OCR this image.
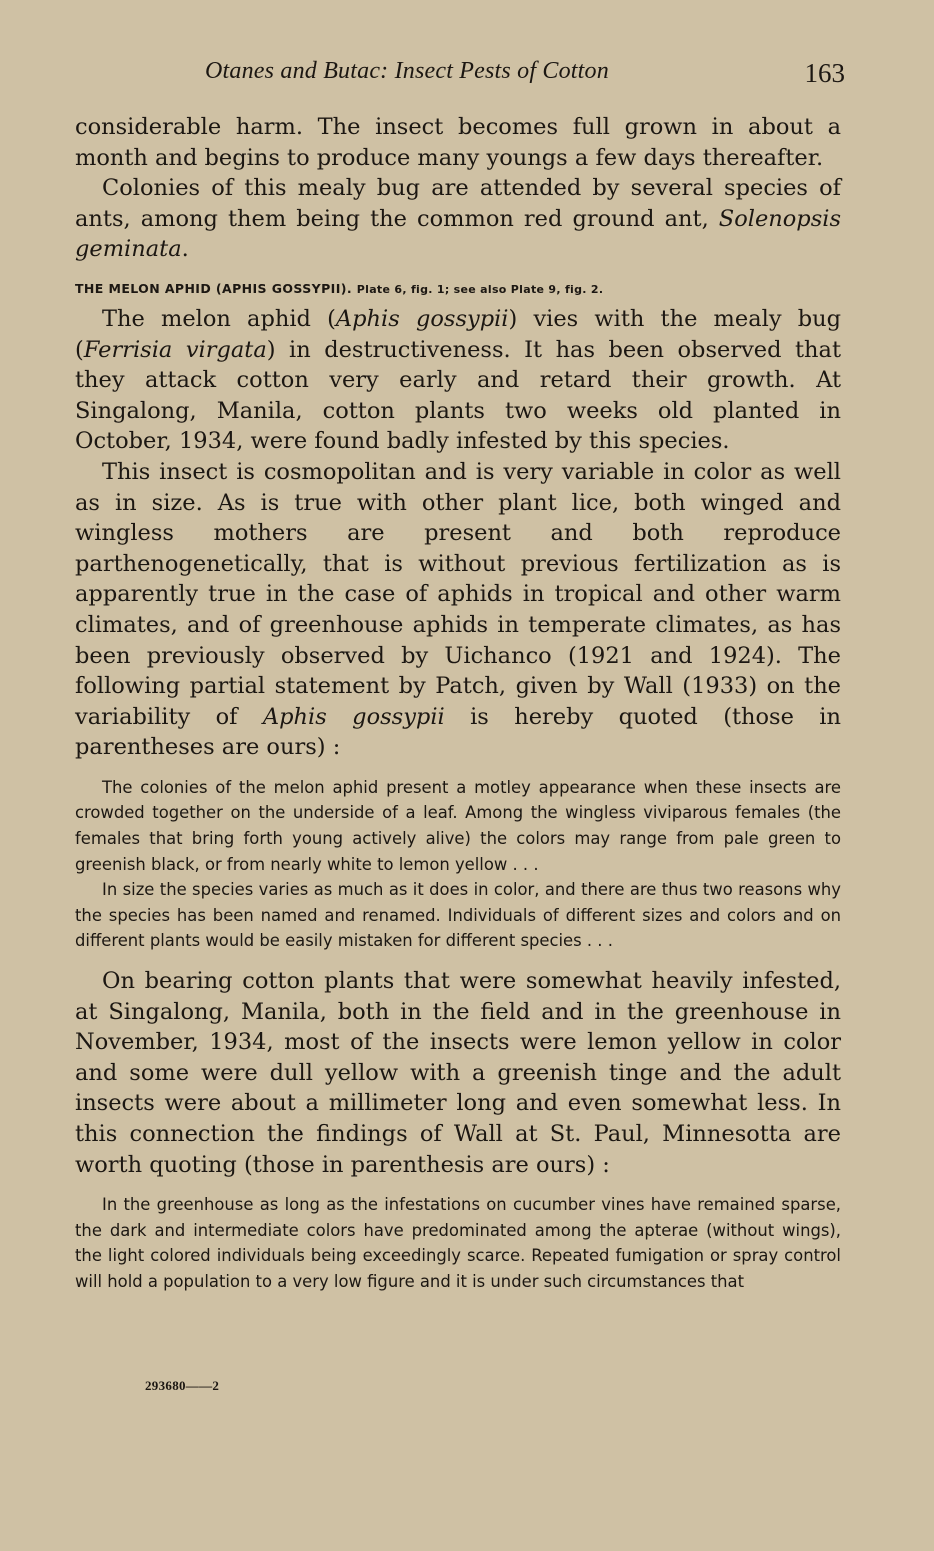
Otanes and Butac: Insect Pests of Cotton	163

considerable harm. The insect becomes full grown in about a month and begins to produce many youngs a few days thereafter.

Colonies of this mealy bug are attended by several species of ants, among them being the common red ground ant, Solenopsis geminata.

THE MELON APHID (APHIS GOSSYPII). Plate 6, fig. 1; see also Plate 9, fig. 2.

The melon aphid (Aphis gossypii) vies with the mealy bug (Ferrisia virgata) in destructiveness. It has been observed that they attack cotton very early and retard their growth. At Singalong, Manila, cotton plants two weeks old planted in October, 1934, were found badly infested by this species.

This insect is cosmopolitan and is very variable in color as well as in size. As is true with other plant lice, both winged and wingless mothers are present and both reproduce parthenogenetically, that is without previous fertilization as is apparently true in the case of aphids in tropical and other warm climates, and of greenhouse aphids in temperate climates, as has been previously observed by Uichanco (1921 and 1924). The following partial statement by Patch, given by Wall (1933) on the variability of Aphis gossypii is hereby quoted (those in parentheses are ours) :

The colonies of the melon aphid present a motley appearance when these insects are crowded together on the underside of a leaf. Among the wingless viviparous females (the females that bring forth young actively alive) the colors may range from pale green to greenish black, or from nearly white to lemon yellow . . .

In size the species varies as much as it does in color, and there are thus two reasons why the species has been named and renamed. Individuals of different sizes and colors and on different plants would be easily mistaken for different species . . .

On bearing cotton plants that were somewhat heavily infested, at Singalong, Manila, both in the field and in the greenhouse in November, 1934, most of the insects were lemon yellow in color and some were dull yellow with a greenish tinge and the adult insects were about a millimeter long and even somewhat less. In this connection the findings of Wall at St. Paul, Minnesotta are worth quoting (those in parenthesis are ours) :

In the greenhouse as long as the infestations on cucumber vines have remained sparse, the dark and intermediate colors have predominated among the apterae (without wings), the light colored individuals being exceedingly scarce. Repeated fumigation or spray control will hold a population to a very low figure and it is under such circumstances that

293680——2
